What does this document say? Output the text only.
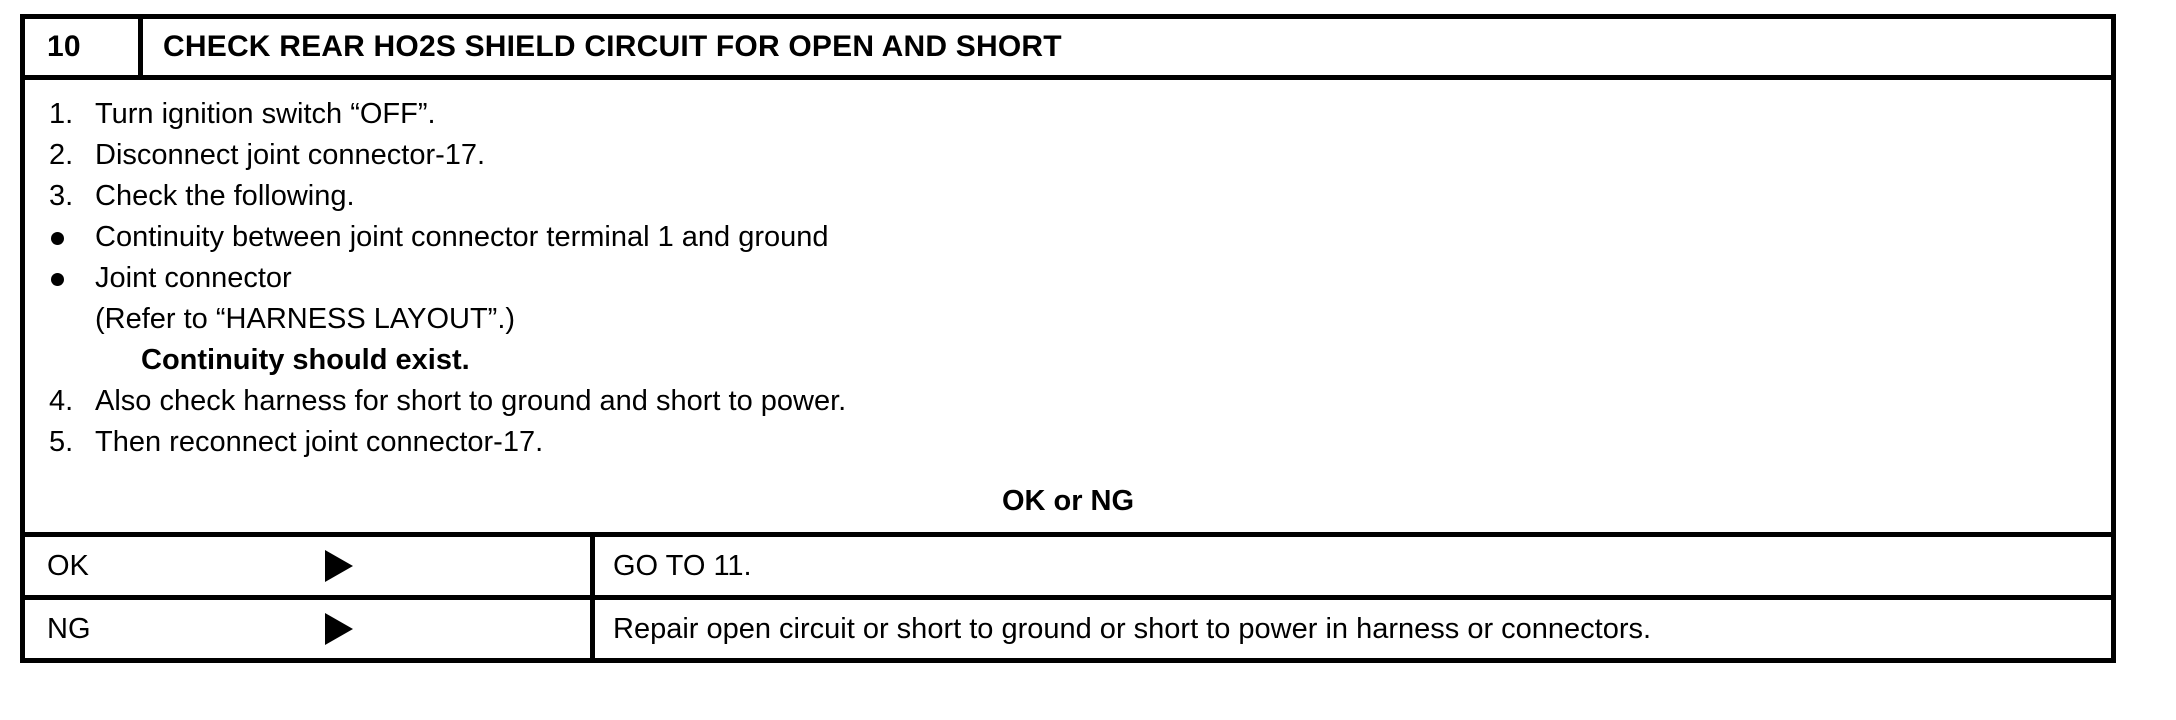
10	CHECK REAR HO2S SHIELD CIRCUIT FOR OPEN AND SHORT
1. Turn ignition switch “OFF”.
2. Disconnect joint connector-17.
3. Check the following.
Continuity between joint connector terminal 1 and ground
Joint connector
(Refer to “HARNESS LAYOUT”.)
Continuity should exist.
4. Also check harness for short to ground and short to power.
5. Then reconnect joint connector-17.
OK or NG
OK	GO TO 11.
NG	Repair open circuit or short to ground or short to power in harness or connectors.
